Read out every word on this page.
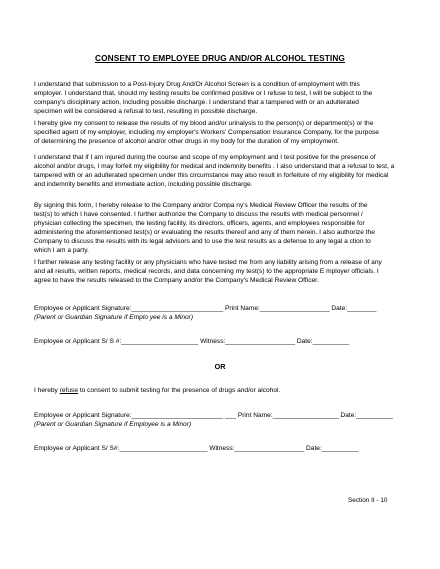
CONSENT TO EMPLOYEE DRUG AND/OR ALCOHOL TESTING
I understand that submission to a Post-Injury Drug And/Or Alcohol Screen is a condition of employment with this
employer. I understand that, should my testing results be confirmed positive or I refuse to test, I will be subject to the
company's disciplinary action, including possible discharge. I understand that a tampered with or an adulterated
specimen will be considered a refusal to test, resulting in possible discharge.
I hereby give my consent to release the results of my blood and/or urinalysis to the person(s) or department(s) or the
specified agent of my employer, including my employer's Workers' Compensation Insurance Company, for the purpose
of determining the presence of alcohol and/or other drugs in my body for the duration of my employment.
I understand that if I am injured during the course and scope of my employment and I test positive for the presence of
alcohol and/or drugs, I may forfeit my eligibility for medical and indemnity benefits . I also understand that a refusal to test, a
tampered with or an adulterated specimen under this circumstance may also result in forfeiture of my eligibility for medical
and indemnity benefits and immediate action, including possible discharge.
By signing this form, I hereby release to the Company and/or Compa ny's Medical Review Officer the results of the
test(s) to which I have consented. I further authorize the Company to discuss the results with medical personnel /
physician collecting the specimen, the testing facility, its directors, officers, agents, and employees responsible for
administering the aforementioned test(s) or evaluating the results thereof and any of them herein. I also authorize the
Company to discuss the results with its legal advisors and to use the test results as a defense to any legal a ction to
which I am a party.
I further release any testing facility or any physicians who have tested me from any liability arising from a release of any
and all results, written reports, medical records, and data concerning my test(s) to the appropriate E mployer officials. I
agree to have the results released to the Company and/or the Company's Medical Review Officer.
Employee or Applicant Signature:_________________________ Print Name:___________________ Date:________
(Parent or Guardian Signature if Emplo yee is a Minor)
Employee or Applicant S/ S #:_____________________ Witness:___________________ Date:__________
OR
I hereby refuse to consent to submit testing for the presence of drugs and/or alcohol.
Employee or Applicant Signature:_________________________ ___ Print Name:__________________ Date:__________
(Parent or Guardian Signature if Employee is a Minor)
Employee or Applicant S/ S#:________________________ Witness:___________________ Date:__________
Section II - 10
